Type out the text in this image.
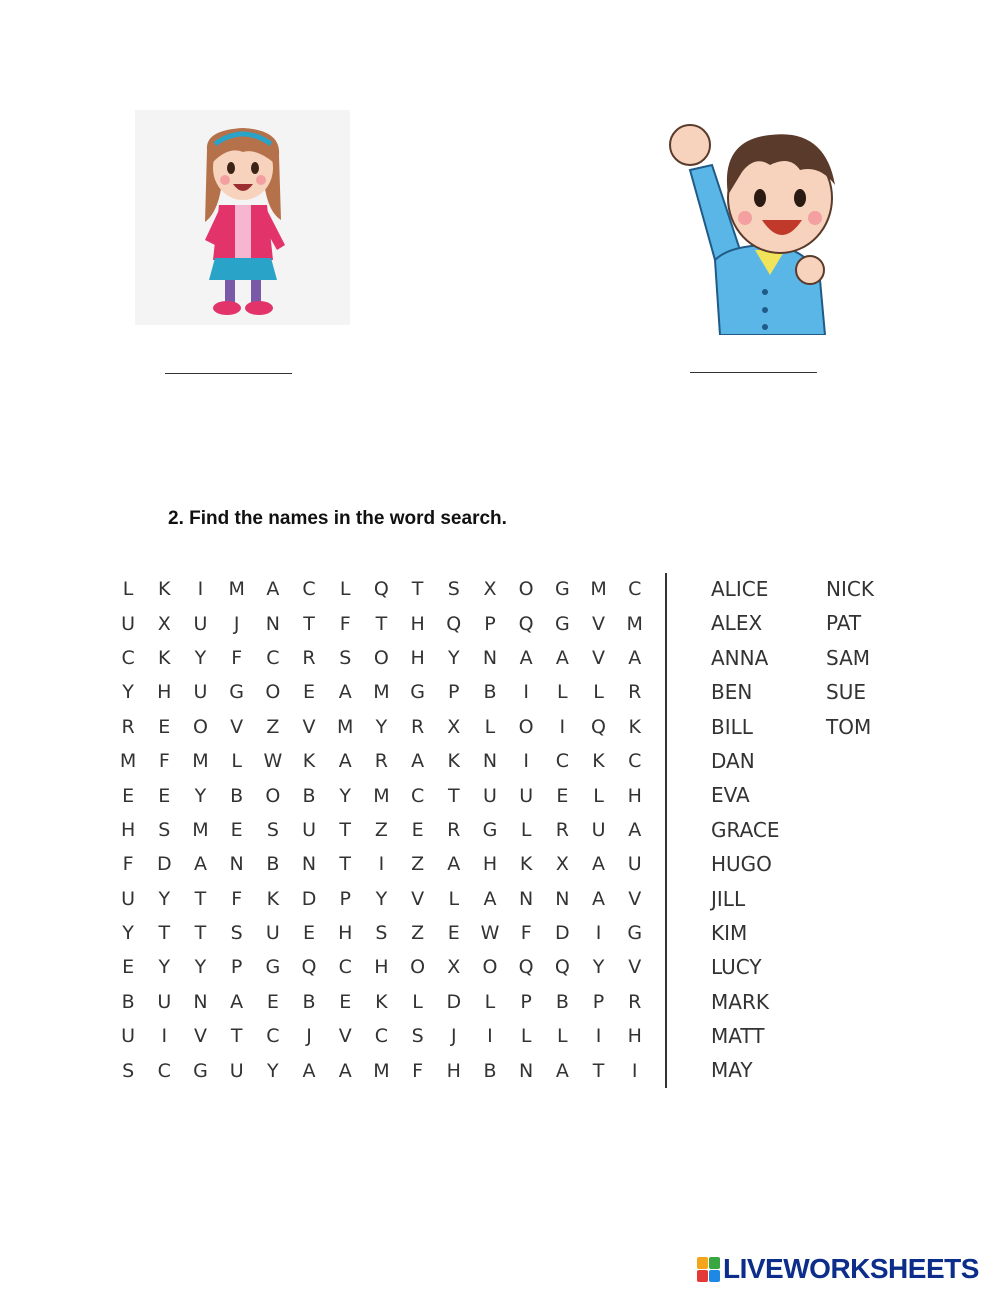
2. Find the names in the word search.
L	K	I	M	A	C	L	Q	T	S	X	O	G	M	C
U	X	U	J	N	T	F	T	H	Q	P	Q	G	V	M
C	K	Y	F	C	R	S	O	H	Y	N	A	A	V	A
Y	H	U	G	O	E	A	M	G	P	B	I	L	L	R
R	E	O	V	Z	V	M	Y	R	X	L	O	I	Q	K
M	F	M	L	W	K	A	R	A	K	N	I	C	K	C
E	E	Y	B	O	B	Y	M	C	T	U	U	E	L	H
H	S	M	E	S	U	T	Z	E	R	G	L	R	U	A
F	D	A	N	B	N	T	I	Z	A	H	K	X	A	U
U	Y	T	F	K	D	P	Y	V	L	A	N	N	A	V
Y	T	T	S	U	E	H	S	Z	E	W	F	D	I	G
E	Y	Y	P	G	Q	C	H	O	X	O	Q	Q	Y	V
B	U	N	A	E	B	E	K	L	D	L	P	B	P	R
U	I	V	T	C	J	V	C	S	J	I	L	L	I	H
S	C	G	U	Y	A	A	M	F	H	B	N	A	T	I
ALICE
ALEX
ANNA
BEN
BILL
DAN
EVA
GRACE
HUGO
JILL
KIM
LUCY
MARK
MATT
MAY
NICK
PAT
SAM
SUE
TOM
LIVEWORKSHEETS
